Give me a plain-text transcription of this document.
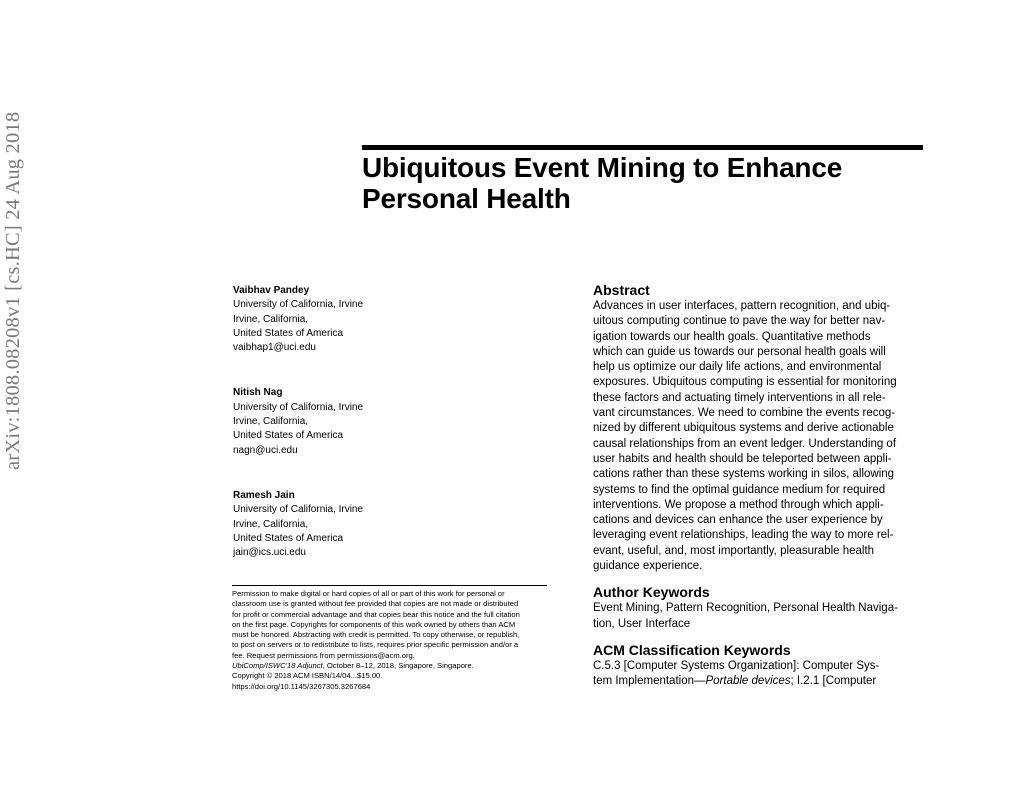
arXiv:1808.08208v1 [cs.HC] 24 Aug 2018	Ubiquitous Event Mining to Enhance
Personal Health
Vaibhav Pandey
University of California, Irvine
Irvine, California,
United States of America
vaibhap1@uci.edu
Nitish Nag
University of California, Irvine
Irvine, California,
United States of America
nagn@uci.edu
Ramesh Jain
University of California, Irvine
Irvine, California,
United States of America
jain@ics.uci.edu
Permission to make digital or hard copies of all or part of this work for personal or
classroom use is granted without fee provided that copies are not made or distributed
for profit or commercial advantage and that copies bear this notice and the full citation
on the first page. Copyrights for components of this work owned by others than ACM
must be honored. Abstracting with credit is permitted. To copy otherwise, or republish,
to post on servers or to redistribute to lists, requires prior specific permission and/or a
fee. Request permissions from permissions@acm.org.
UbiComp/ISWC'18 Adjunct, October 8–12, 2018, Singapore, Singapore.
Copyright © 2018 ACM ISBN/14/04...$15.00.
https://doi.org/10.1145/3267305.3267684
Abstract

Advances in user interfaces, pattern recognition, and ubiq-
uitous computing continue to pave the way for better nav-
igation towards our health goals. Quantitative methods
which can guide us towards our personal health goals will
help us optimize our daily life actions, and environmental
exposures. Ubiquitous computing is essential for monitoring
these factors and actuating timely interventions in all rele-
vant circumstances. We need to combine the events recog-
nized by different ubiquitous systems and derive actionable
causal relationships from an event ledger. Understanding of
user habits and health should be teleported between appli-
cations rather than these systems working in silos, allowing
systems to find the optimal guidance medium for required
interventions. We propose a method through which appli-
cations and devices can enhance the user experience by
leveraging event relationships, leading the way to more rel-
evant, useful, and, most importantly, pleasurable health
guidance experience.

Author Keywords

Event Mining, Pattern Recognition, Personal Health Naviga-
tion, User Interface

ACM Classification Keywords

C.5.3 [Computer Systems Organization]: Computer Sys-
tem Implementation—Portable devices; I.2.1 [Computer
